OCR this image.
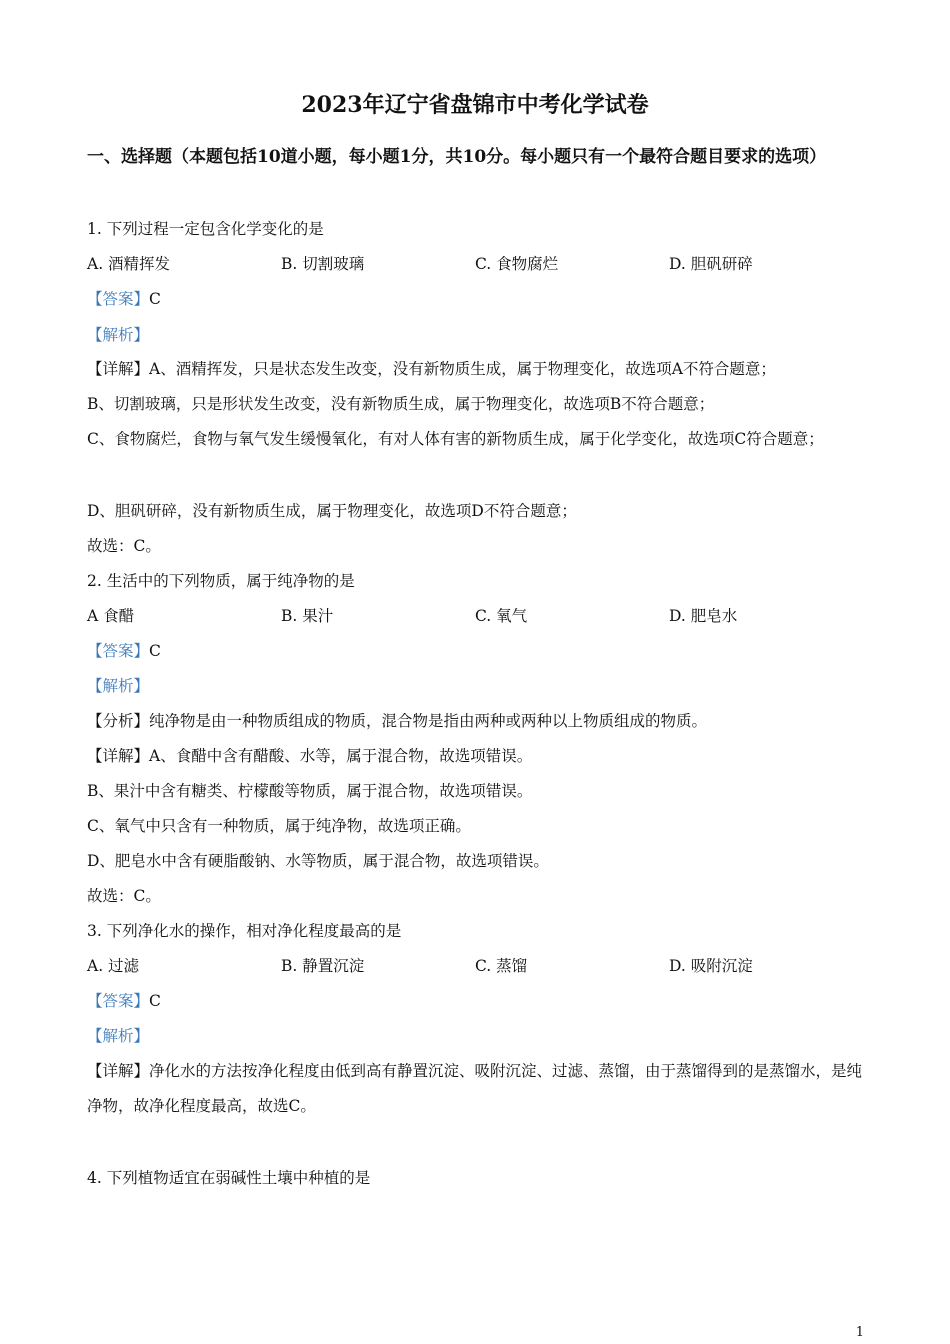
2023年辽宁省盘锦市中考化学试卷
一、选择题（本题包括10道小题，每小题1分，共10分。每小题只有一个最符合题目要求的选项）
1. 下列过程一定包含化学变化的是
A. 酒精挥发	B. 切割玻璃	C. 食物腐烂	D. 胆矾研碎
【答案】C
【解析】
【详解】A、酒精挥发，只是状态发生改变，没有新物质生成，属于物理变化，故选项A不符合题意；
B、切割玻璃，只是形状发生改变，没有新物质生成，属于物理变化，故选项B不符合题意；
C、食物腐烂，食物与氧气发生缓慢氧化，有对人体有害的新物质生成，属于化学变化，故选项C符合题意；
D、胆矾研碎，没有新物质生成，属于物理变化，故选项D不符合题意；
故选：C。
2. 生活中的下列物质，属于纯净物的是
A 食醋	B. 果汁	C. 氧气	D. 肥皂水
【答案】C
【解析】
【分析】纯净物是由一种物质组成的物质，混合物是指由两种或两种以上物质组成的物质。
【详解】A、食醋中含有醋酸、水等，属于混合物，故选项错误。
B、果汁中含有糖类、柠檬酸等物质，属于混合物，故选项错误。
C、氧气中只含有一种物质，属于纯净物，故选项正确。
D、肥皂水中含有硬脂酸钠、水等物质，属于混合物，故选项错误。
故选：C。
3. 下列净化水的操作，相对净化程度最高的是
A. 过滤	B. 静置沉淀	C. 蒸馏	D. 吸附沉淀
【答案】C
【解析】
【详解】净化水的方法按净化程度由低到高有静置沉淀、吸附沉淀、过滤、蒸馏，由于蒸馏得到的是蒸馏水，是纯净物，故净化程度最高，故选C。
4. 下列植物适宜在弱碱性土壤中种植的是
1
